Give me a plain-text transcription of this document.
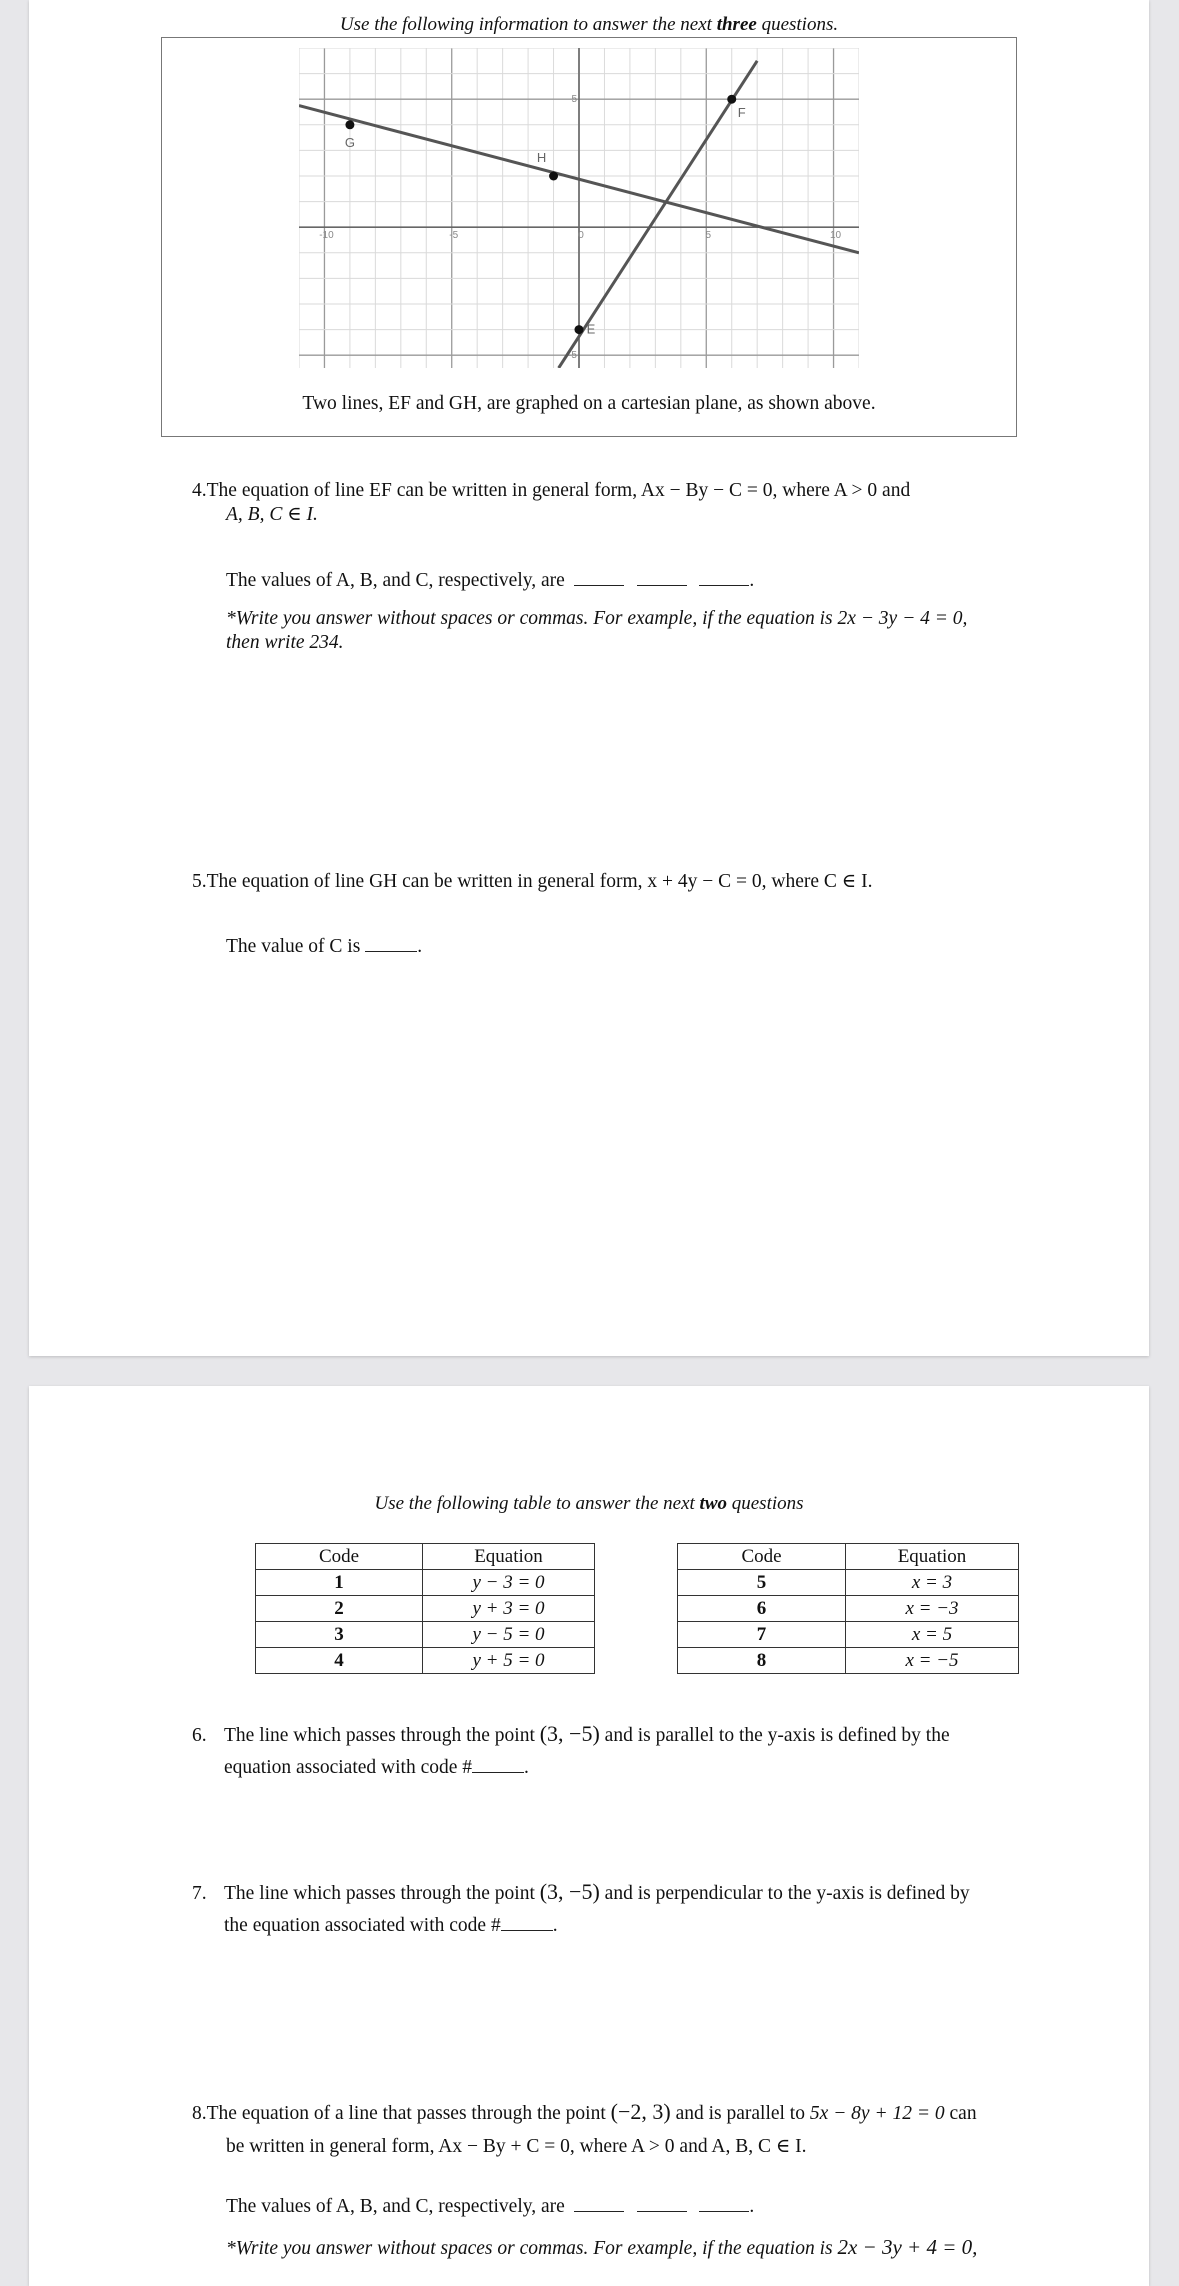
Use the following information to answer the next three questions.
-10	-5	0	5	10
5
-5
E
F
G
H
Two lines, EF and GH, are graphed on a cartesian plane, as shown above.
4.The equation of line EF can be written in general form, Ax − By − C = 0, where A > 0 and
A, B, C ∈ I.
The values of A, B, and C, respectively, are	.
*Write you answer without spaces or commas. For example, if the equation is 2x − 3y − 4 = 0,
then write 234.
5.The equation of line GH can be written in general form, x + 4y − C = 0, where C ∈ I.
The value of C is	.
Use the following table to answer the next two questions
Code	Equation
1	y − 3 = 0
2	y + 3 = 0
3	y − 5 = 0
4	y + 5 = 0
Code	Equation
5	x = 3
6	x = −3
7	x = 5
8	x = −5
6. The line which passes through the point (3, −5) and is parallel to the y-axis is defined by the
equation associated with code #	.
7. The line which passes through the point (3, −5) and is perpendicular to the y-axis is defined by
the equation associated with code #	.
8.The equation of a line that passes through the point (−2, 3) and is parallel to 5x − 8y + 12 = 0 can
be written in general form, Ax − By + C = 0, where A > 0 and A, B, C ∈ I.
The values of A, B, and C, respectively, are	.
*Write you answer without spaces or commas. For example, if the equation is 2x − 3y + 4 = 0,
